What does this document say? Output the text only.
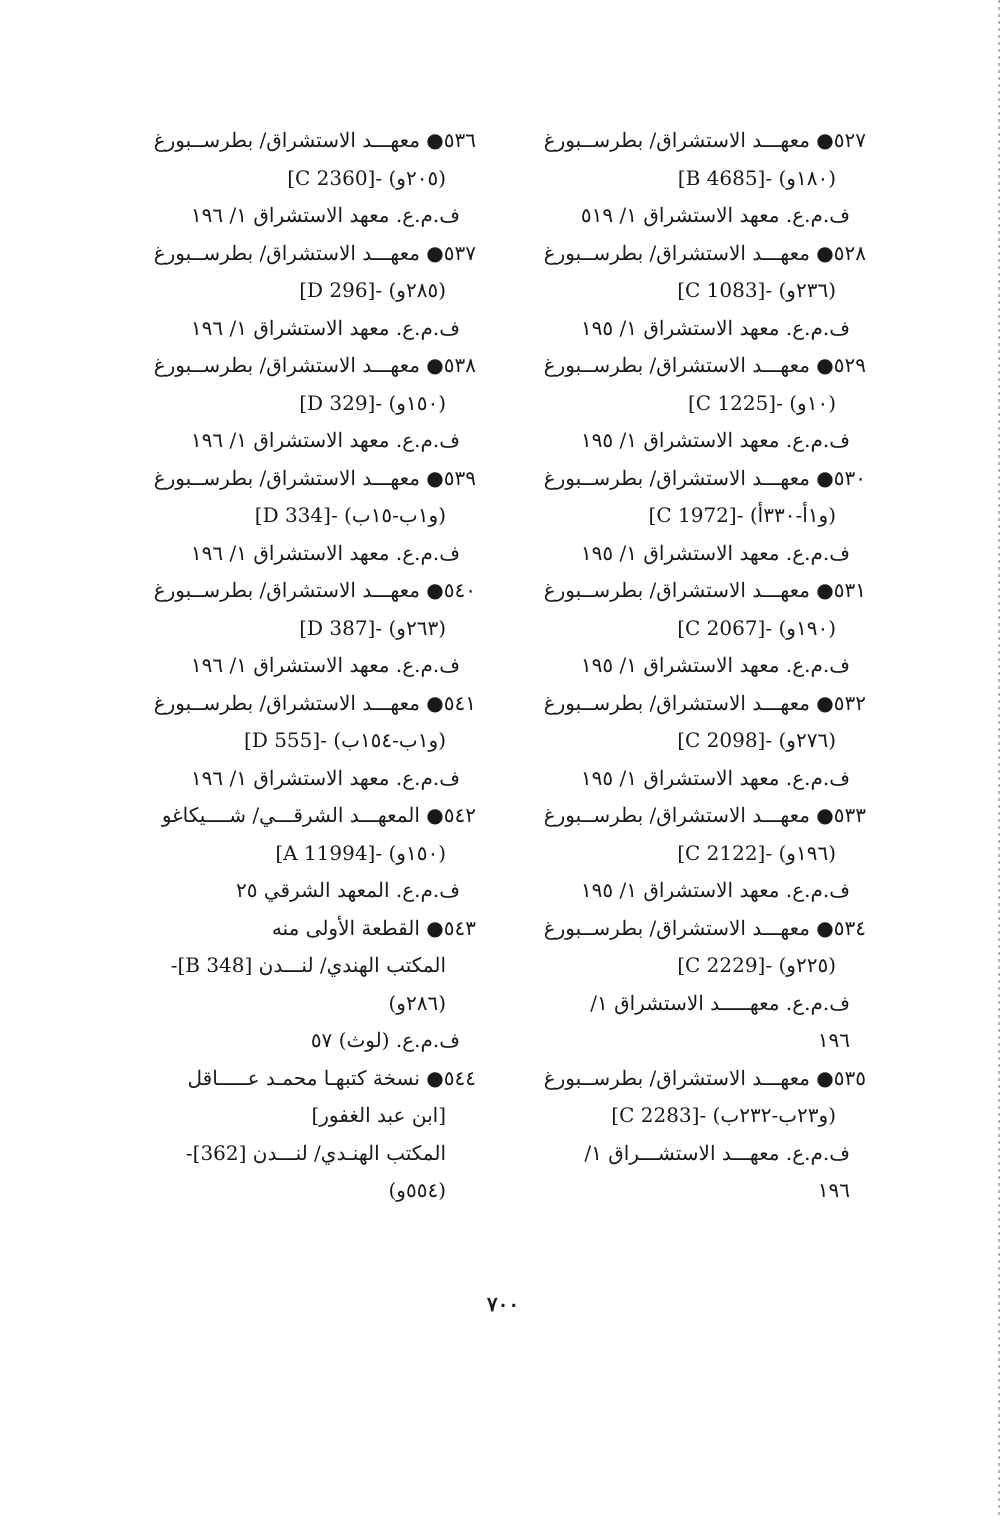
٥٢٧● معهـــد الاستشراق/ بطرســبورغ
[B 4685]- (١٨٠و)
ف.م.ع. معهد الاستشراق ١/ ٥١٩
٥٢٨● معهـــد الاستشراق/ بطرســبورغ
[C 1083]- (٢٣٦و)
ف.م.ع. معهد الاستشراق ١/ ١٩٥
٥٢٩● معهـــد الاستشراق/ بطرســبورغ
[C 1225]- (١٠و)
ف.م.ع. معهد الاستشراق ١/ ١٩٥
٥٣٠● معهـــد الاستشراق/ بطرســبورغ
[C 1972]- (و١أ-٣٣٠أ)
ف.م.ع. معهد الاستشراق ١/ ١٩٥
٥٣١● معهـــد الاستشراق/ بطرســبورغ
[C 2067]- (١٩٠و)
ف.م.ع. معهد الاستشراق ١/ ١٩٥
٥٣٢● معهـــد الاستشراق/ بطرســبورغ
[C 2098]- (٢٧٦و)
ف.م.ع. معهد الاستشراق ١/ ١٩٥
٥٣٣● معهـــد الاستشراق/ بطرســبورغ
[C 2122]- (١٩٦و)
ف.م.ع. معهد الاستشراق ١/ ١٩٥
٥٣٤● معهـــد الاستشراق/ بطرســبورغ
[C 2229]- (٢٢٥و)
ف.م.ع. معهـــــد الاستشراق ١/
١٩٦
٥٣٥● معهـــد الاستشراق/ بطرســبورغ
[C 2283]- (و٢٣ب-٢٣٢ب)
ف.م.ع. معهـــد الاستشـــراق ١/
١٩٦
٥٣٦● معهـــد الاستشراق/ بطرســبورغ
[C 2360]- (٢٠٥و)
ف.م.ع. معهد الاستشراق ١/ ١٩٦
٥٣٧● معهـــد الاستشراق/ بطرســبورغ
[D 296]- (٢٨٥و)
ف.م.ع. معهد الاستشراق ١/ ١٩٦
٥٣٨● معهـــد الاستشراق/ بطرســبورغ
[D 329]- (١٥٠و)
ف.م.ع. معهد الاستشراق ١/ ١٩٦
٥٣٩● معهـــد الاستشراق/ بطرســبورغ
[D 334]- (و١ب-١٥ب)
ف.م.ع. معهد الاستشراق ١/ ١٩٦
٥٤٠● معهـــد الاستشراق/ بطرســبورغ
[D 387]- (٢٦٣و)
ف.م.ع. معهد الاستشراق ١/ ١٩٦
٥٤١● معهـــد الاستشراق/ بطرســبورغ
[D 555]- (و١ب-١٥٤ب)
ف.م.ع. معهد الاستشراق ١/ ١٩٦
٥٤٢● المعهـــد الشرقـــي/ شــــيكاغو
[A 11994]- (١٥٠و)
ف.م.ع. المعهد الشرقي ٢٥
٥٤٣● القطعة الأولى منه
المكتب الهندي/ لنـــدن [B 348]-
(٢٨٦و)
ف.م.ع. (لوث) ٥٧
٥٤٤● نسخة كتبهـا محمـد عـــــاقل
[ابن عبد الغفور]
المكتب الهنـدي/ لنـــدن [362]-
(٥٥٤و)
٧٠٠
